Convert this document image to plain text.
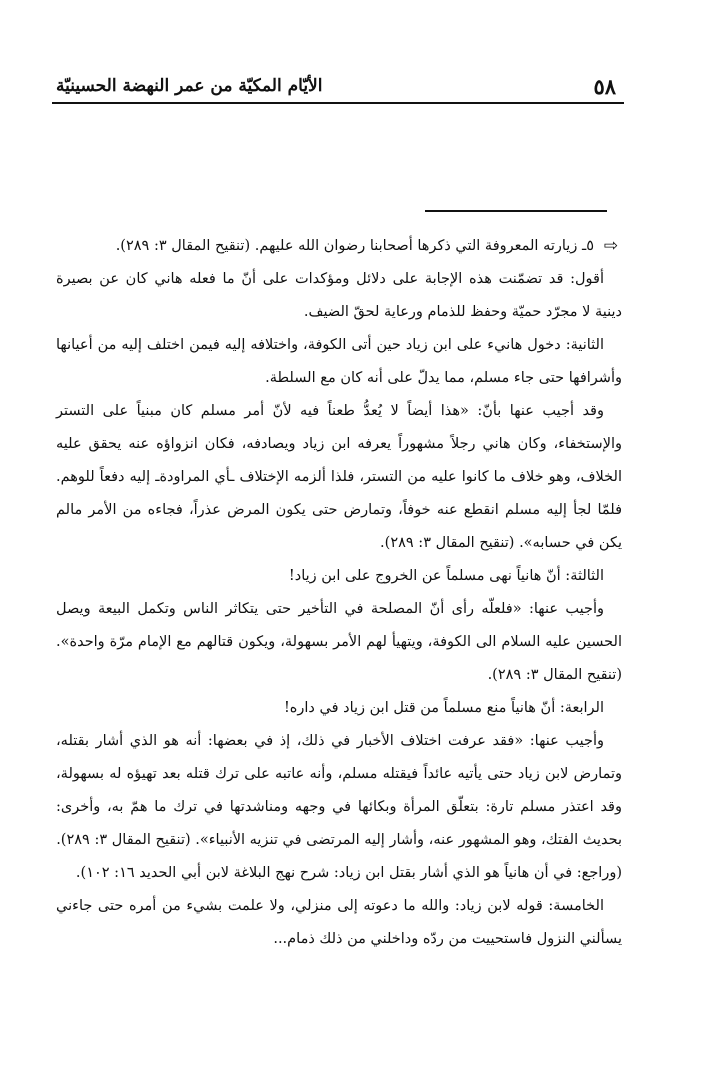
٥٨
الأيّام المكيّة من عمر النهضة الحسينيّة

⇨
٥ـ زيارته المعروفة التي ذكرها أصحابنا رضوان الله عليهم. (تنقيح المقال ٣: ٢٨٩).

أقول: قد تضمّنت هذه الإجابة على دلائل ومؤكدات على أنّ ما فعله هاني كان عن بصيرة دينية لا مجرّد حميّة وحفظ للذمام ورعاية لحقّ الضيف.

الثانية: دخول هانيء على ابن زياد حين أتى الكوفة، واختلافه إليه فيمن اختلف إليه من أعيانها وأشرافها حتى جاء مسلم، مما يدلّ على أنه كان مع السلطة.

وقد أجيب عنها بأنّ: «هذا أيضاً لا يُعدُّ طعناً فيه لأنّ أمر مسلم كان مبنياً على التستر والإستخفاء، وكان هاني رجلاً مشهوراً يعرفه ابن زياد ويصادفه، فكان انزواؤه عنه يحقق عليه الخلاف، وهو خلاف ما كانوا عليه من التستر، فلذا ألزمه الإختلاف ـأي المراودةـ إليه دفعاً للوهم. فلمّا لجأ إليه مسلم انقطع عنه خوفاً، وتمارض حتى يكون المرض عذراً، فجاءه من الأمر مالم يكن في حسابه». (تنقيح المقال ٣: ٢٨٩).

الثالثة: أنّ هانياً نهى مسلماً عن الخروج على ابن زياد!

وأجيب عنها: «فلعلّه رأى أنّ المصلحة في التأخير حتى يتكاثر الناس وتكمل البيعة ويصل الحسين عليه السلام الى الكوفة، ويتهيأ لهم الأمر بسهولة، ويكون قتالهم مع الإمام مرّة واحدة». (تنقيح المقال ٣: ٢٨٩).

الرابعة: أنّ هانياً منع مسلماً من قتل ابن زياد في داره!

وأجيب عنها: «فقد عرفت اختلاف الأخبار في ذلك، إذ في بعضها: أنه هو الذي أشار بقتله، وتمارض لابن زياد حتى يأتيه عائداً فيقتله مسلم، وأنه عاتبه على ترك قتله بعد تهيؤه له بسهولة، وقد اعتذر مسلم تارة: بتعلّق المرأة وبكائها في وجهه ومناشدتها في ترك ما همّ به، وأخرى: بحديث الفتك، وهو المشهور عنه، وأشار إليه المرتضى في تنزيه الأنبياء». (تنقيح المقال ٣: ٢٨٩).

(وراجع: في أن هانياً هو الذي أشار بقتل ابن زياد: شرح نهج البلاغة لابن أبي الحديد ١٦: ١٠٢).

الخامسة: قوله لابن زياد: والله ما دعوته إلى منزلي، ولا علمت بشيء من أمره حتى جاءني يسألني النزول فاستحييت من ردّه وداخلني من ذلك ذمام...
